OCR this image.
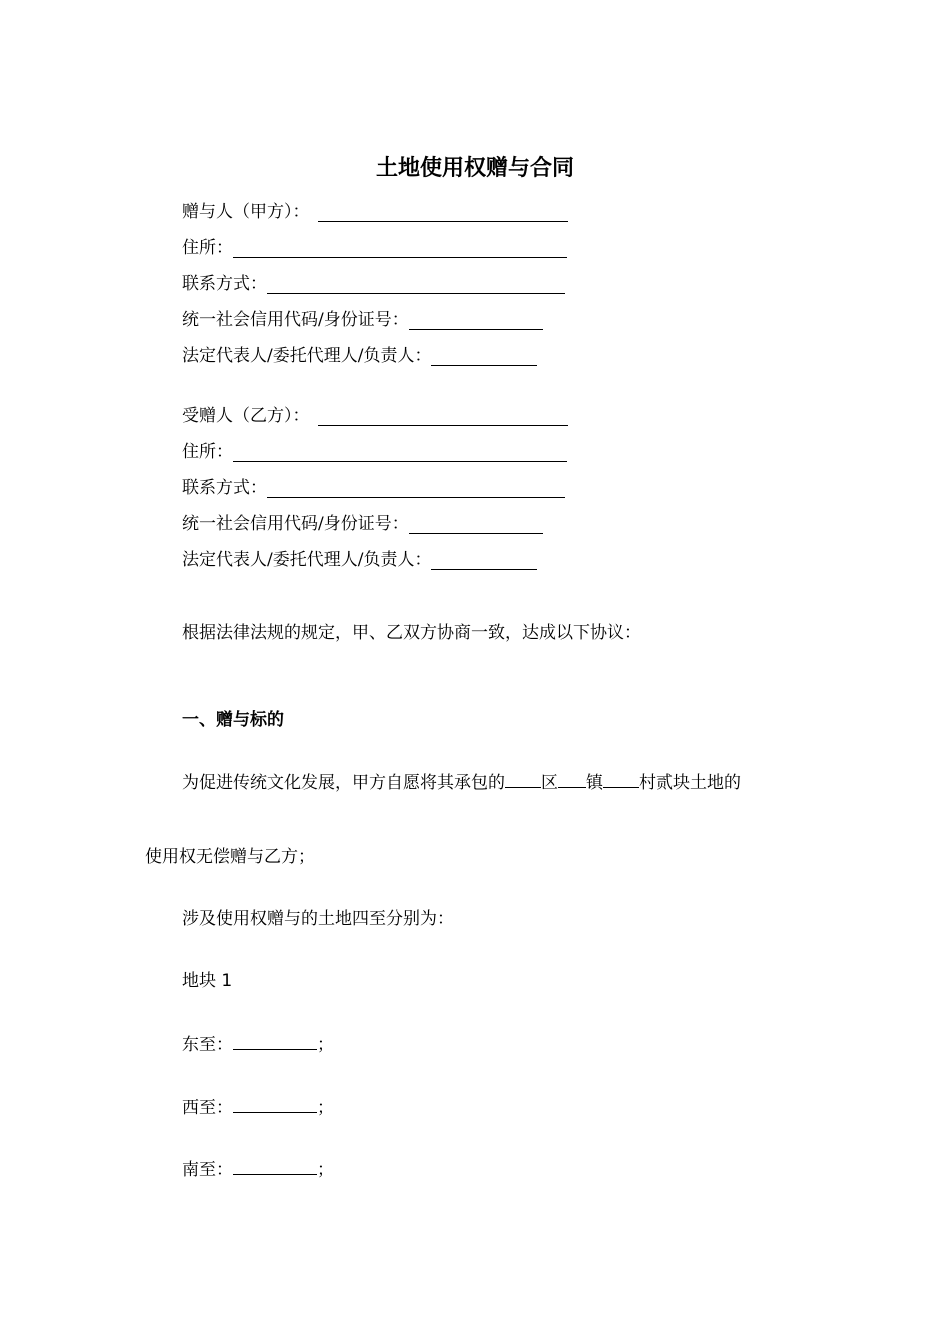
土地使用权赠与合同
赠与人（甲方）：
住所：
联系方式：
统一社会信用代码/身份证号：
法定代表人/委托代理人/负责人：
受赠人（乙方）：
住所：
联系方式：
统一社会信用代码/身份证号：
法定代表人/委托代理人/负责人：
根据法律法规的规定，甲、乙双方协商一致，达成以下协议：
一、赠与标的
为促进传统文化发展，甲方自愿将其承包的 区 镇 村贰块土地的
使用权无偿赠与乙方；
涉及使用权赠与的土地四至分别为：
地块 1
东至：	；
西至：	；
南至：	；
